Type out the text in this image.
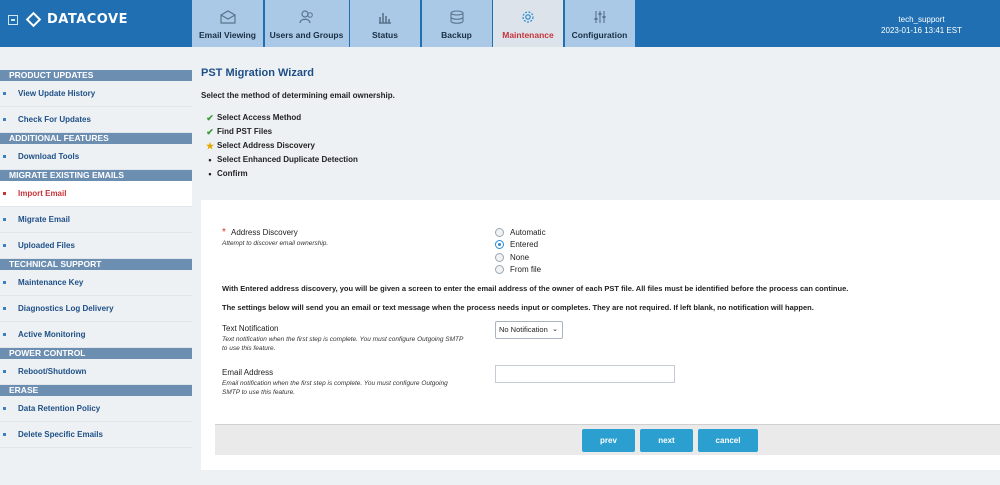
DATACOVE
Email Viewing	Users and Groups	Status	Backup	Maintenance	Configuration
tech_support
2023-01-16 13:41 EST
PRODUCT UPDATES
View Update History
Check For Updates
ADDITIONAL FEATURES
Download Tools
MIGRATE EXISTING EMAILS
Import Email
Migrate Email
Uploaded Files
TECHNICAL SUPPORT
Maintenance Key
Diagnostics Log Delivery
Active Monitoring
POWER CONTROL
Reboot/Shutdown
ERASE
Data Retention Policy
Delete Specific Emails
PST Migration Wizard
Select the method of determining email ownership.
✔ Select Access Method
✔ Find PST Files
★ Select Address Discovery
• Select Enhanced Duplicate Detection
• Confirm
* Address Discovery
Attempt to discover email ownership.
Automatic
Entered
None
From file
With Entered address discovery, you will be given a screen to enter the email address of the owner of each PST file. All files must be identified before the process can continue.
The settings below will send you an email or text message when the process needs input or completes. They are not required. If left blank, no notification will happen.
Text Notification
Text notification when the first step is complete. You must configure Outgoing SMTP
to use this feature.
No Notification ⌄
Email Address
Email notification when the first step is complete. You must configure Outgoing
SMTP to use this feature.
prev	next	cancel
